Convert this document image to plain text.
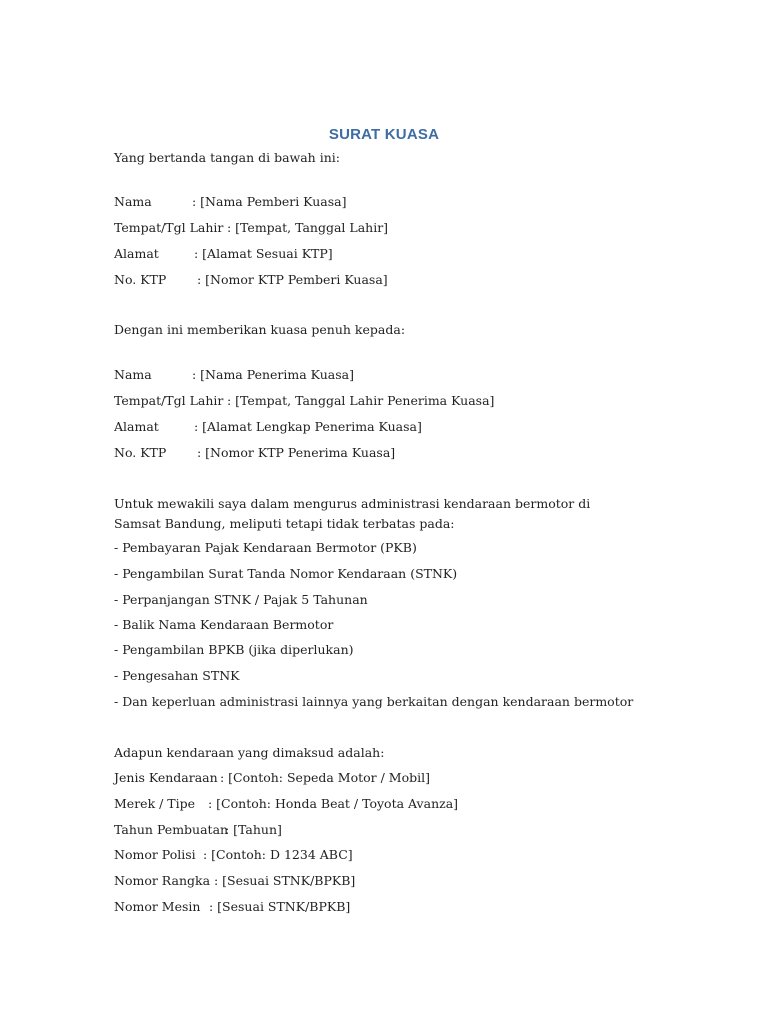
SURAT KUASA
Yang bertanda tangan di bawah ini:
Nama	: [Nama Pemberi Kuasa]
Tempat/Tgl Lahir : [Tempat, Tanggal Lahir]
Alamat	: [Alamat Sesuai KTP]
No. KTP : [Nomor KTP Pemberi Kuasa]
Dengan ini memberikan kuasa penuh kepada:
Nama	: [Nama Penerima Kuasa]
Tempat/Tgl Lahir : [Tempat, Tanggal Lahir Penerima Kuasa]
Alamat	: [Alamat Lengkap Penerima Kuasa]
No. KTP : [Nomor KTP Penerima Kuasa]
Untuk mewakili saya dalam mengurus administrasi kendaraan bermotor di Samsat Bandung, meliputi tetapi tidak terbatas pada:
- Pembayaran Pajak Kendaraan Bermotor (PKB)
- Pengambilan Surat Tanda Nomor Kendaraan (STNK)
- Perpanjangan STNK / Pajak 5 Tahunan
- Balik Nama Kendaraan Bermotor
- Pengambilan BPKB (jika diperlukan)
- Pengesahan STNK
- Dan keperluan administrasi lainnya yang berkaitan dengan kendaraan bermotor
Adapun kendaraan yang dimaksud adalah:
Jenis Kendaraan : [Contoh: Sepeda Motor / Mobil]
Merek / Tipe : [Contoh: Honda Beat / Toyota Avanza]
Tahun Pembuatan: [Tahun]
Nomor Polisi : [Contoh: D 1234 ABC]
Nomor Rangka : [Sesuai STNK/BPKB]
Nomor Mesin : [Sesuai STNK/BPKB]
